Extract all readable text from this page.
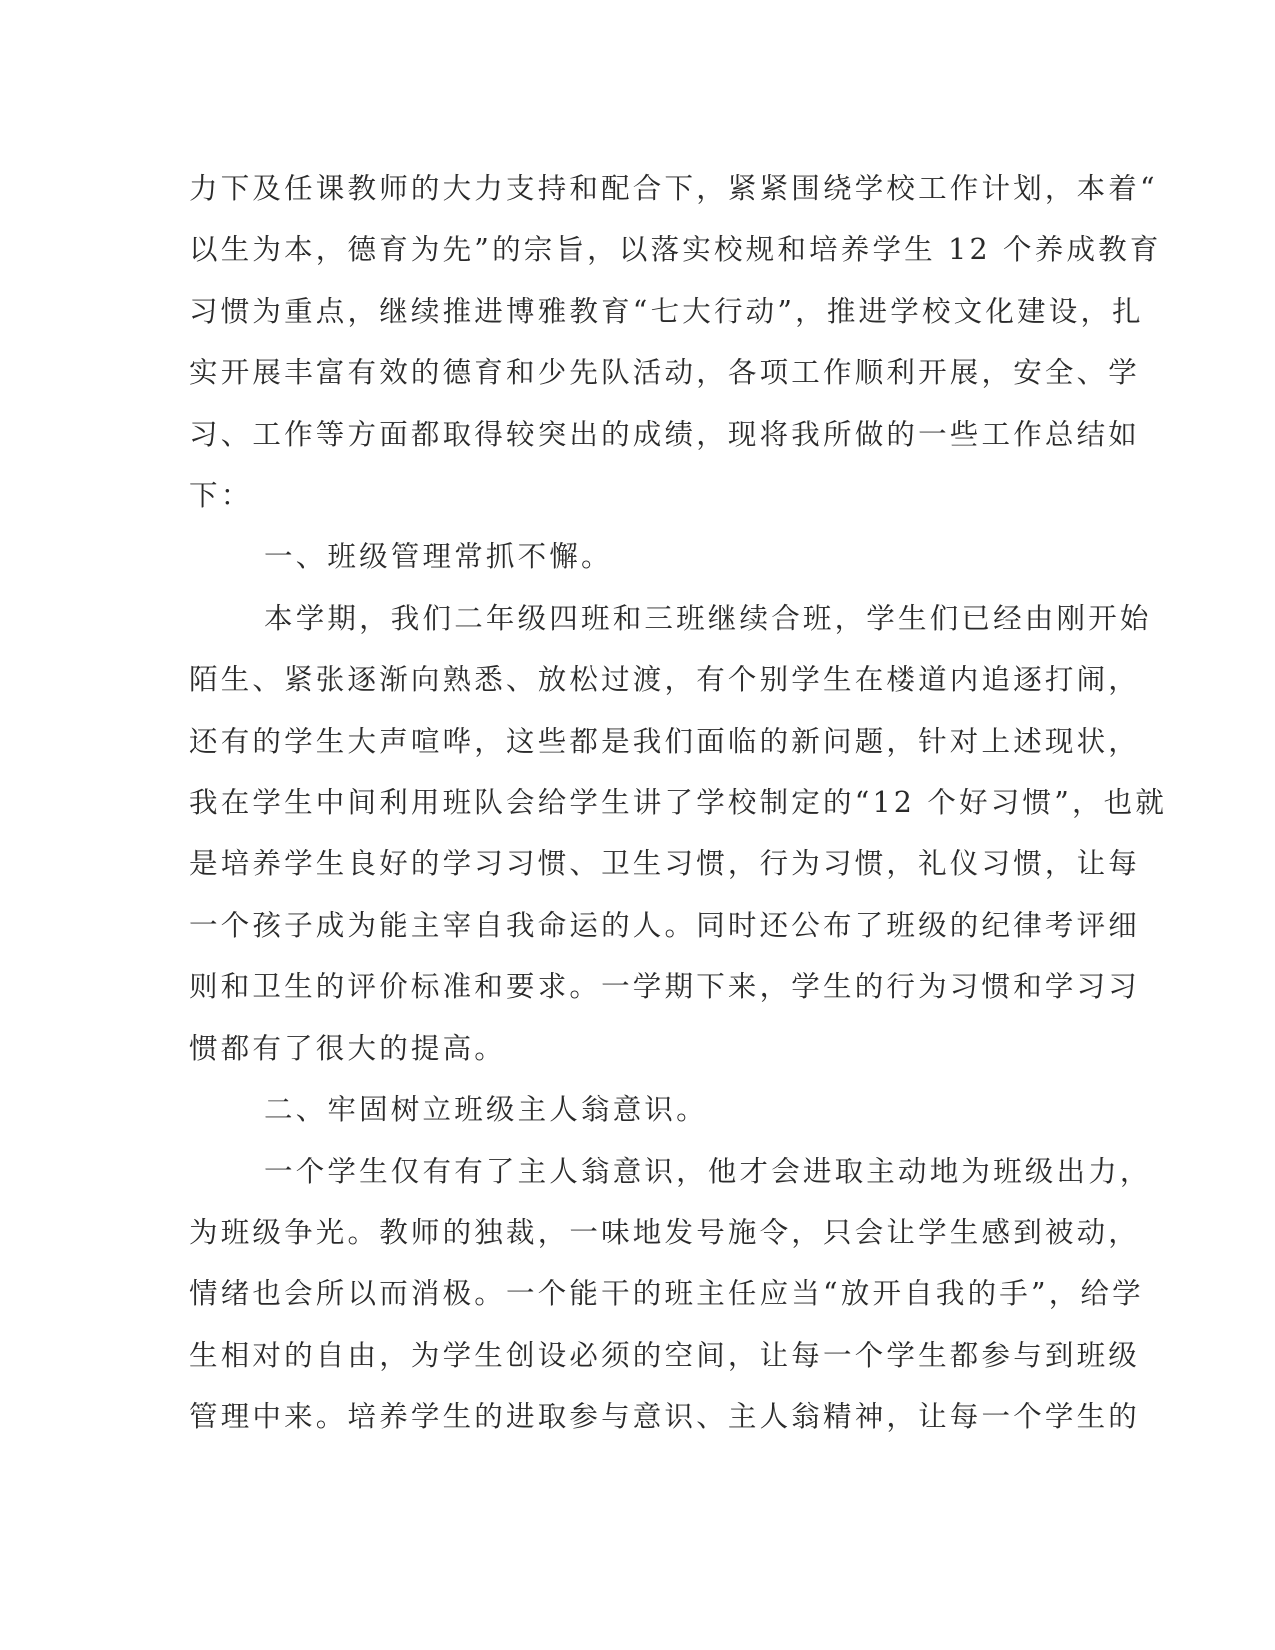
力下及任课教师的大力支持和配合下，紧紧围绕学校工作计划，本着“
以生为本，德育为先”的宗旨，以落实校规和培养学生 12 个养成教育
习惯为重点，继续推进博雅教育“七大行动”，推进学校文化建设，扎
实开展丰富有效的德育和少先队活动，各项工作顺利开展，安全、学
习、工作等方面都取得较突出的成绩，现将我所做的一些工作总结如
下：
一、班级管理常抓不懈。
本学期，我们二年级四班和三班继续合班，学生们已经由刚开始
陌生、紧张逐渐向熟悉、放松过渡，有个别学生在楼道内追逐打闹，
还有的学生大声喧哗，这些都是我们面临的新问题，针对上述现状，
我在学生中间利用班队会给学生讲了学校制定的“12 个好习惯”，也就
是培养学生良好的学习习惯、卫生习惯，行为习惯，礼仪习惯，让每
一个孩子成为能主宰自我命运的人。同时还公布了班级的纪律考评细
则和卫生的评价标准和要求。一学期下来，学生的行为习惯和学习习
惯都有了很大的提高。
二、牢固树立班级主人翁意识。
一个学生仅有有了主人翁意识，他才会进取主动地为班级出力，
为班级争光。教师的独裁，一味地发号施令，只会让学生感到被动，
情绪也会所以而消极。一个能干的班主任应当“放开自我的手”，给学
生相对的自由，为学生创设必须的空间，让每一个学生都参与到班级
管理中来。培养学生的进取参与意识、主人翁精神，让每一个学生的
